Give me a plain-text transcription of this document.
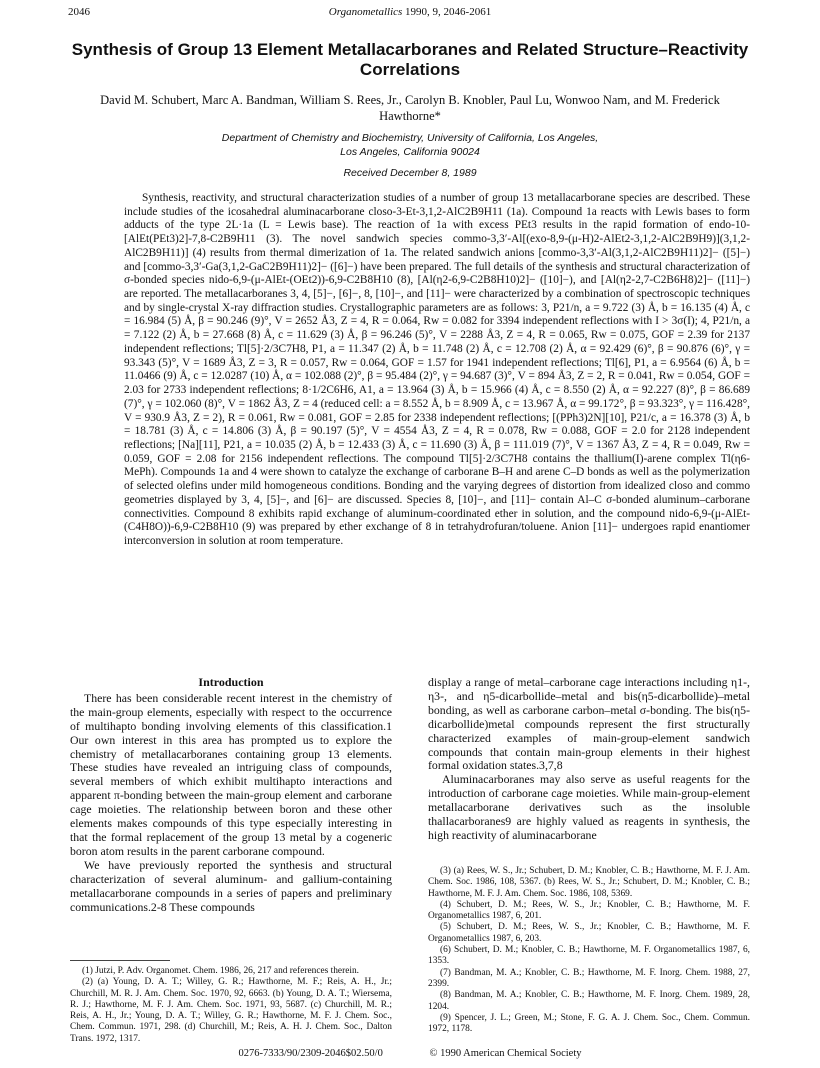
2046	Organometallics 1990, 9, 2046-2061
Synthesis of Group 13 Element Metallacarboranes and Related Structure–Reactivity Correlations
David M. Schubert, Marc A. Bandman, William S. Rees, Jr., Carolyn B. Knobler, Paul Lu, Wonwoo Nam, and M. Frederick Hawthorne*
Department of Chemistry and Biochemistry, University of California, Los Angeles,
Los Angeles, California 90024
Received December 8, 1989
Synthesis, reactivity, and structural characterization studies of a number of group 13 metallacarborane species are described. These include studies of the icosahedral aluminacarborane closo-3-Et-3,1,2-AlC2B9H11 (1a). Compound 1a reacts with Lewis bases to form adducts of the type 2L·1a (L = Lewis base). The reaction of 1a with excess PEt3 results in the rapid formation of endo-10-[AlEt(PEt3)2]-7,8-C2B9H11 (3). The novel sandwich species commo-3,3′-Al[(exo-8,9-(μ-H)2-AlEt2-3,1,2-AlC2B9H9)](3,1,2-AlC2B9H11)] (4) results from thermal dimerization of 1a. The related sandwich anions [commo-3,3′-Al(3,1,2-AlC2B9H11)2]− ([5]−) and [commo-3,3′-Ga(3,1,2-GaC2B9H11)2]− ([6]−) have been prepared. The full details of the synthesis and structural characterization of σ-bonded species nido-6,9-(μ-AlEt-(OEt2))-6,9-C2B8H10 (8), [Al(η2-6,9-C2B8H10)2]− ([10]−), and [Al(η2-2,7-C2B6H8)2]− ([11]−) are reported. The metallacarboranes 3, 4, [5]−, [6]−, 8, [10]−, and [11]− were characterized by a combination of spectroscopic techniques and by single-crystal X-ray diffraction studies. Crystallographic parameters are as follows: 3, P21/n, a = 9.722 (3) Å, b = 16.135 (4) Å, c = 16.984 (5) Å, β = 90.246 (9)°, V = 2652 Å3, Z = 4, R = 0.064, Rw = 0.082 for 3394 independent reflections with I > 3σ(I); 4, P21/n, a = 7.122 (2) Å, b = 27.668 (8) Å, c = 11.629 (3) Å, β = 96.246 (5)°, V = 2288 Å3, Z = 4, R = 0.065, Rw = 0.075, GOF = 2.39 for 2137 independent reflections; Tl[5]·2/3C7H8, P1, a = 11.347 (2) Å, b = 11.748 (2) Å, c = 12.708 (2) Å, α = 92.429 (6)°, β = 90.876 (6)°, γ = 93.343 (5)°, V = 1689 Å3, Z = 3, R = 0.057, Rw = 0.064, GOF = 1.57 for 1941 independent reflections; Tl[6], P1, a = 6.9564 (6) Å, b = 11.0466 (9) Å, c = 12.0287 (10) Å, α = 102.088 (2)°, β = 95.484 (2)°, γ = 94.687 (3)°, V = 894 Å3, Z = 2, R = 0.041, Rw = 0.054, GOF = 2.03 for 2733 independent reflections; 8·1/2C6H6, A1, a = 13.964 (3) Å, b = 15.966 (4) Å, c = 8.550 (2) Å, α = 92.227 (8)°, β = 86.689 (7)°, γ = 102.060 (8)°, V = 1862 Å3, Z = 4 (reduced cell: a = 8.552 Å, b = 8.909 Å, c = 13.967 Å, α = 99.172°, β = 93.323°, γ = 116.428°, V = 930.9 Å3, Z = 2), R = 0.061, Rw = 0.081, GOF = 2.85 for 2338 independent reflections; [(PPh3)2N][10], P21/c, a = 16.378 (3) Å, b = 18.781 (3) Å, c = 14.806 (3) Å, β = 90.197 (5)°, V = 4554 Å3, Z = 4, R = 0.078, Rw = 0.088, GOF = 2.0 for 2128 independent reflections; [Na][11], P21, a = 10.035 (2) Å, b = 12.433 (3) Å, c = 11.690 (3) Å, β = 111.019 (7)°, V = 1367 Å3, Z = 4, R = 0.049, Rw = 0.059, GOF = 2.08 for 2156 independent reflections. The compound Tl[5]·2/3C7H8 contains the thallium(I)-arene complex Tl(η6-MePh). Compounds 1a and 4 were shown to catalyze the exchange of carborane B–H and arene C–D bonds as well as the polymerization of selected olefins under mild homogeneous conditions. Bonding and the varying degrees of distortion from idealized closo and commo geometries displayed by 3, 4, [5]−, and [6]− are discussed. Species 8, [10]−, and [11]− contain Al–C σ-bonded aluminum–carborane connectivities. Compound 8 exhibits rapid exchange of aluminum-coordinated ether in solution, and the compound nido-6,9-(μ-AlEt-(C4H8O))-6,9-C2B8H10 (9) was prepared by ether exchange of 8 in tetrahydrofuran/toluene. Anion [11]− undergoes rapid enantiomer interconversion in solution at room temperature.
Introduction

There has been considerable recent interest in the chemistry of the main-group elements, especially with respect to the occurrence of multihapto bonding involving elements of this classification.1 Our own interest in this area has prompted us to explore the chemistry of metallacarboranes containing group 13 elements. These studies have revealed an intriguing class of compounds, several members of which exhibit multihapto interactions and apparent π-bonding between the main-group element and carborane cage moieties. The relationship between boron and these other elements makes compounds of this type especially interesting in that the formal replacement of the group 13 metal by a cogeneric boron atom results in the parent carborane compound.

We have previously reported the synthesis and structural characterization of several aluminum- and gallium-containing metallacarborane compounds in a series of papers and preliminary communications.2-8 These compounds

display a range of metal–carborane cage interactions including η1-, η3-, and η5-dicarbollide–metal and bis(η5-dicarbollide)–metal bonding, as well as carborane carbon–metal σ-bonding. The bis(η5-dicarbollide)metal compounds represent the first structurally characterized examples of main-group-element sandwich compounds that contain main-group elements in their highest formal oxidation states.3,7,8

Aluminacarboranes may also serve as useful reagents for the introduction of carborane cage moieties. While main-group-element metallacarborane derivatives such as the insoluble thallacarboranes9 are highly valued as reagents in synthesis, the high reactivity of aluminacarborane

(1) Jutzi, P. Adv. Organomet. Chem. 1986, 26, 217 and references therein.

(2) (a) Young, D. A. T.; Willey, G. R.; Hawthorne, M. F.; Reis, A. H., Jr.; Churchill, M. R. J. Am. Chem. Soc. 1970, 92, 6663. (b) Young, D. A. T.; Wiersema, R. J.; Hawthorne, M. F. J. Am. Chem. Soc. 1971, 93, 5687. (c) Churchill, M. R.; Reis, A. H., Jr.; Young, D. A. T.; Willey, G. R.; Hawthorne, M. F. J. Chem. Soc., Chem. Commun. 1971, 298. (d) Churchill, M.; Reis, A. H. J. Chem. Soc., Dalton Trans. 1972, 1317.

(3) (a) Rees, W. S., Jr.; Schubert, D. M.; Knobler, C. B.; Hawthorne, M. F. J. Am. Chem. Soc. 1986, 108, 5367. (b) Rees, W. S., Jr.; Schubert, D. M.; Knobler, C. B.; Hawthorne, M. F. J. Am. Chem. Soc. 1986, 108, 5369.

(4) Schubert, D. M.; Rees, W. S., Jr.; Knobler, C. B.; Hawthorne, M. F. Organometallics 1987, 6, 201.

(5) Schubert, D. M.; Rees, W. S., Jr.; Knobler, C. B.; Hawthorne, M. F. Organometallics 1987, 6, 203.

(6) Schubert, D. M.; Knobler, C. B.; Hawthorne, M. F. Organometallics 1987, 6, 1353.

(7) Bandman, M. A.; Knobler, C. B.; Hawthorne, M. F. Inorg. Chem. 1988, 27, 2399.

(8) Bandman, M. A.; Knobler, C. B.; Hawthorne, M. F. Inorg. Chem. 1989, 28, 1204.

(9) Spencer, J. L.; Green, M.; Stone, F. G. A. J. Chem. Soc., Chem. Commun. 1972, 1178.

0276-7333/90/2309-2046$02.50/0	© 1990 American Chemical Society
